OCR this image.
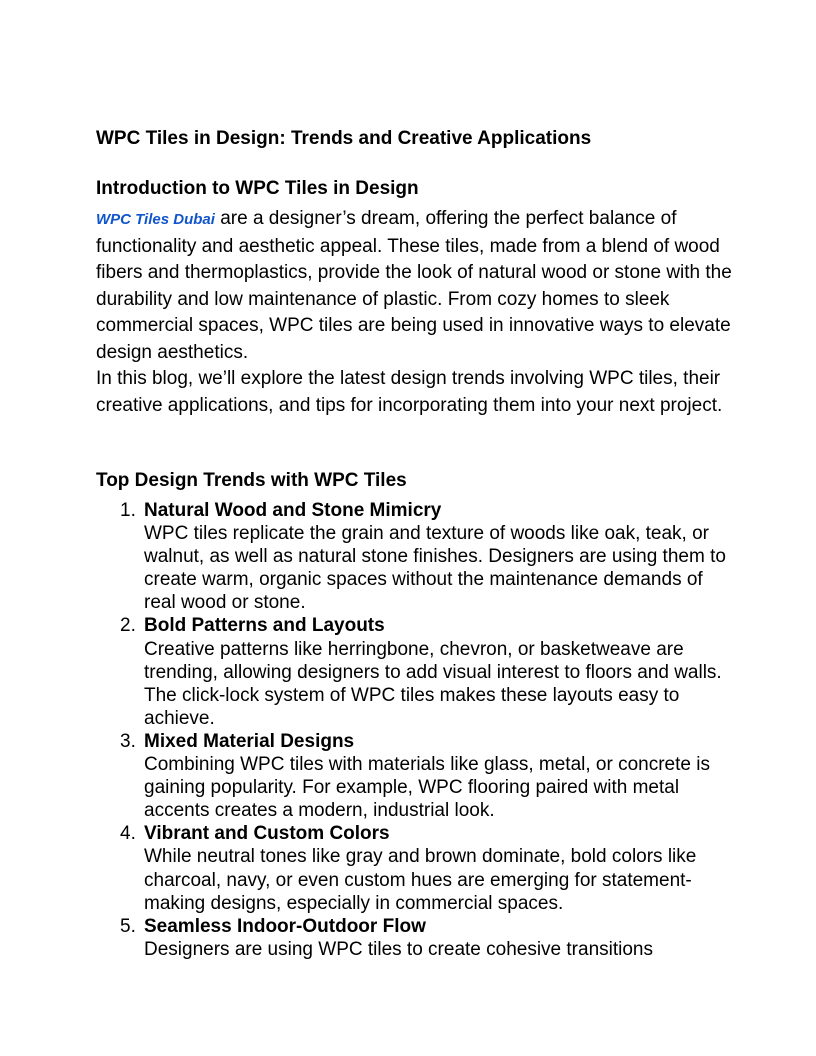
WPC Tiles in Design: Trends and Creative Applications
Introduction to WPC Tiles in Design

WPC Tiles Dubai are a designer’s dream, offering the perfect balance of functionality and aesthetic appeal. These tiles, made from a blend of wood fibers and thermoplastics, provide the look of natural wood or stone with the durability and low maintenance of plastic. From cozy homes to sleek commercial spaces, WPC tiles are being used in innovative ways to elevate design aesthetics.

In this blog, we’ll explore the latest design trends involving WPC tiles, their creative applications, and tips for incorporating them into your next project.

Top Design Trends with WPC Tiles
1. Natural Wood and Stone Mimicry
WPC tiles replicate the grain and texture of woods like oak, teak, or walnut, as well as natural stone finishes. Designers are using them to create warm, organic spaces without the maintenance demands of real wood or stone.
2. Bold Patterns and Layouts
Creative patterns like herringbone, chevron, or basketweave are trending, allowing designers to add visual interest to floors and walls. The click-lock system of WPC tiles makes these layouts easy to achieve.
3. Mixed Material Designs
Combining WPC tiles with materials like glass, metal, or concrete is gaining popularity. For example, WPC flooring paired with metal accents creates a modern, industrial look.
4. Vibrant and Custom Colors
While neutral tones like gray and brown dominate, bold colors like charcoal, navy, or even custom hues are emerging for statement-making designs, especially in commercial spaces.
5. Seamless Indoor-Outdoor Flow
Designers are using WPC tiles to create cohesive transitions
